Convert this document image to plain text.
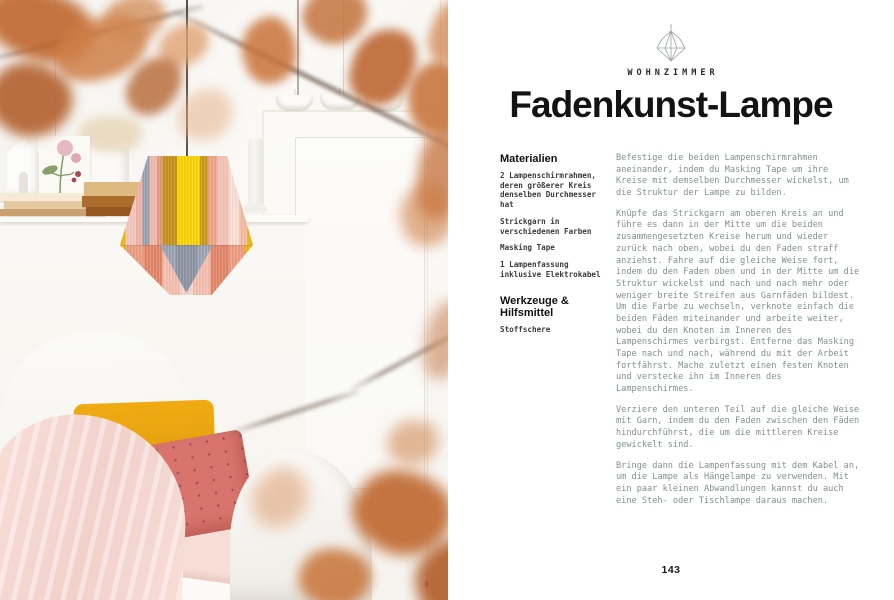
WOHNZIMMER
Fadenkunst-Lampe
Materialien
2 Lampenschirmrahmen, deren größerer Kreis denselben Durchmesser hat
Strickgarn in verschiedenen Farben
Masking Tape
1 Lampenfassung inklusive Elektrokabel
Werkzeuge & Hilfsmittel
Stoffschere

Befestige die beiden Lampenschirmrahmen aneinander, indem du Masking Tape um ihre Kreise mit demselben Durchmesser wickelst, um die Struktur der Lampe zu bilden.

Knüpfe das Strickgarn am oberen Kreis an und führe es dann in der Mitte um die beiden zusammengesetzten Kreise herum und wieder zurück nach oben, wobei du den Faden straff anziehst. Fahre auf die gleiche Weise fort, indem du den Faden oben und in der Mitte um die Struktur wickelst und nach und nach mehr oder weniger breite Streifen aus Garnfäden bildest. Um die Farbe zu wechseln, verknote einfach die beiden Fäden miteinander und arbeite weiter, wobei du den Knoten im Inneren des Lampenschirmes verbirgst. Entferne das Masking Tape nach und nach, während du mit der Arbeit fortfährst. Mache zuletzt einen festen Knoten und verstecke ihn im Inneren des Lampenschirmes.

Verziere den unteren Teil auf die gleiche Weise mit Garn, indem du den Faden zwischen den Fäden hindurchführst, die um die mittleren Kreise gewickelt sind.

Bringe dann die Lampenfassung mit dem Kabel an, um die Lampe als Hängelampe zu verwenden. Mit ein paar kleinen Abwandlungen kannst du auch eine Steh- oder Tischlampe daraus machen.

143
